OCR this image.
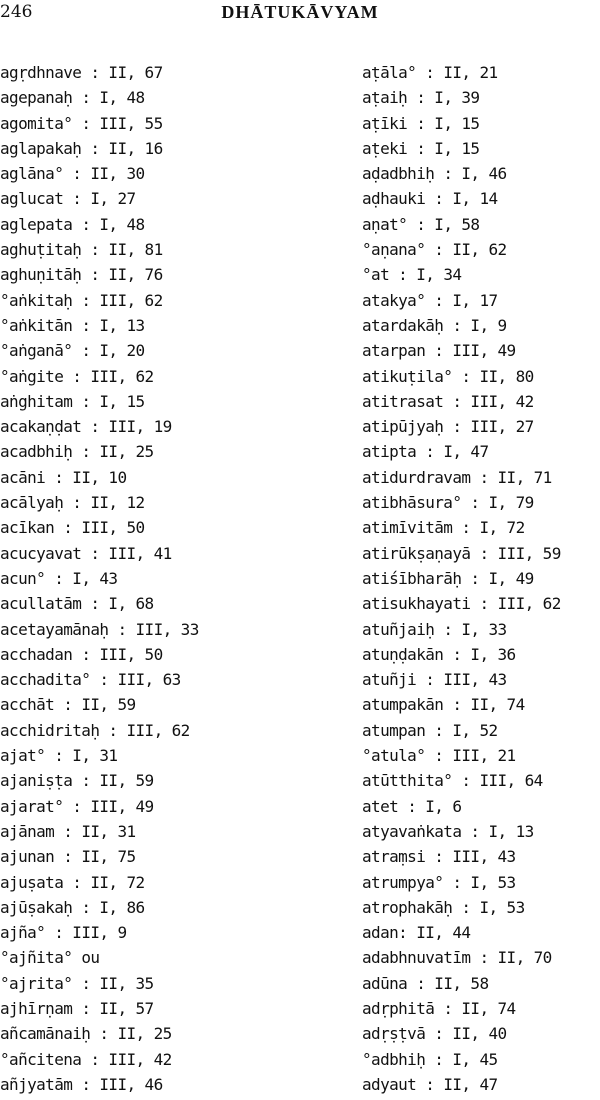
246	DHĀTUKĀVYAM
agṛdhnave : II, 67
agepanaḥ : I, 48
agomita° : III, 55
aglapakaḥ : II, 16
aglāna° : II, 30
aglucat : I, 27
aglepata : I, 48
aghuṭitaḥ : II, 81
aghuṇitāḥ : II, 76
°aṅkitaḥ : III, 62
°aṅkitān : I, 13
°aṅganā° : I, 20
°aṅgite : III, 62
aṅghitam : I, 15
acakaṇḍat : III, 19
acadbhiḥ : II, 25
acāni : II, 10
acālyaḥ : II, 12
acīkan : III, 50
acucyavat : III, 41
acun° : I, 43
acullatām : I, 68
acetayamānaḥ : III, 33
acchadan : III, 50
acchadita° : III, 63
acchāt : II, 59
acchidritaḥ : III, 62
ajat° : I, 31
ajaniṣṭa : II, 59
ajarat° : III, 49
ajānam : II, 31
ajunan : II, 75
ajuṣata : II, 72
ajūṣakaḥ : I, 86
ajña° : III, 9
°ajñita° ou
°ajrita° : II, 35
ajhīrṇam : II, 57
añcamānaiḥ : II, 25
°añcitena : III, 42
añjyatām : III, 46
aṭāla° : II, 21
aṭaiḥ : I, 39
aṭīki : I, 15
aṭeki : I, 15
aḍadbhiḥ : I, 46
aḍhauki : I, 14
aṇat° : I, 58
°aṇana° : II, 62
°at : I, 34
atakya° : I, 17
atardakāḥ : I, 9
atarpan : III, 49
atikuṭila° : II, 80
atitrasat : III, 42
atipūjyaḥ : III, 27
atipta : I, 47
atidurdravam : II, 71
atibhāsura° : I, 79
atimīvitām : I, 72
atirūkṣaṇayā : III, 59
atiśībharāḥ : I, 49
atisukhayati : III, 62
atuñjaiḥ : I, 33
atuṇḍakān : I, 36
atuñji : III, 43
atumpakān : II, 74
atumpan : I, 52
°atula° : III, 21
atūtthita° : III, 64
atet : I, 6
atyavaṅkata : I, 13
atraṃsi : III, 43
atrumpya° : I, 53
atrophakāḥ : I, 53
adan: II, 44
adabhnuvatīm : II, 70
adūna : II, 58
adṛphitā : II, 74
adṛṣṭvā : II, 40
°adbhiḥ : I, 45
adyaut : II, 47
